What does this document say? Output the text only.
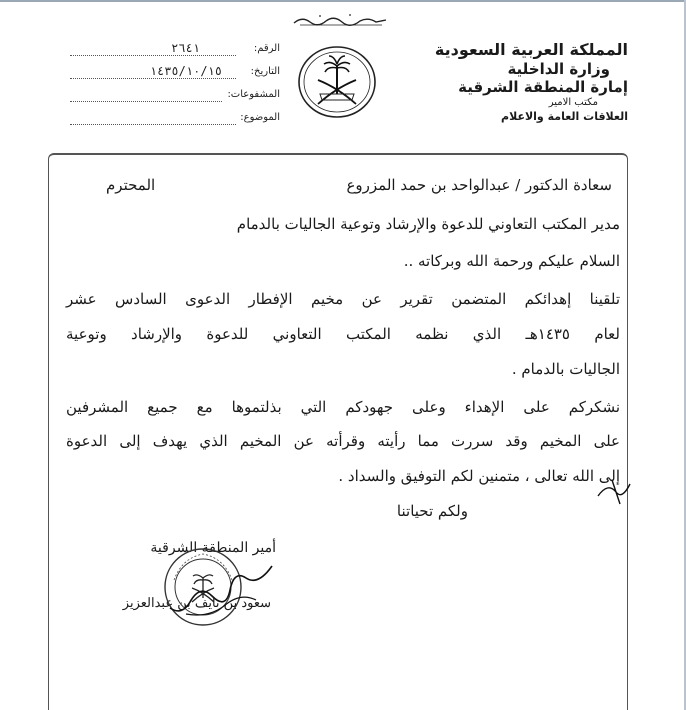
المملكة العربية السعودية
وزارة الداخلية
إمارة المنطقة الشرقية
مكتب الامير
العلاقات العامة والاعلام
الرقم:
٢٦٤١
التاريخ:
١٤٣٥/١٠/١٥
المشفوعات:
الموضوع:
سعادة الدكتور / عبدالواحد بن حمد المزروع
المحترم
مدير المكتب التعاوني للدعوة والإرشاد وتوعية الجاليات بالدمام
السلام عليكم ورحمة الله وبركاته ..
تلقينا إهدائكم المتضمن تقرير عن مخيم الإفطار الدعوى السادس عشر
لعام ١٤٣٥هـ الذي نظمه المكتب التعاوني للدعوة والإرشاد وتوعية
الجاليات بالدمام .
نشكركم على الإهداء وعلى جهودكم التي بذلتموها مع جميع المشرفين
على المخيم وقد سررت مما رأيته وقرأته عن المخيم الذي يهدف إلى الدعوة
إلى الله تعالى ، متمنين لكم التوفيق والسداد .
ولكم تحياتنا
أمير المنطقة الشرقية
سعود بن نايف بن عبدالعزيز
